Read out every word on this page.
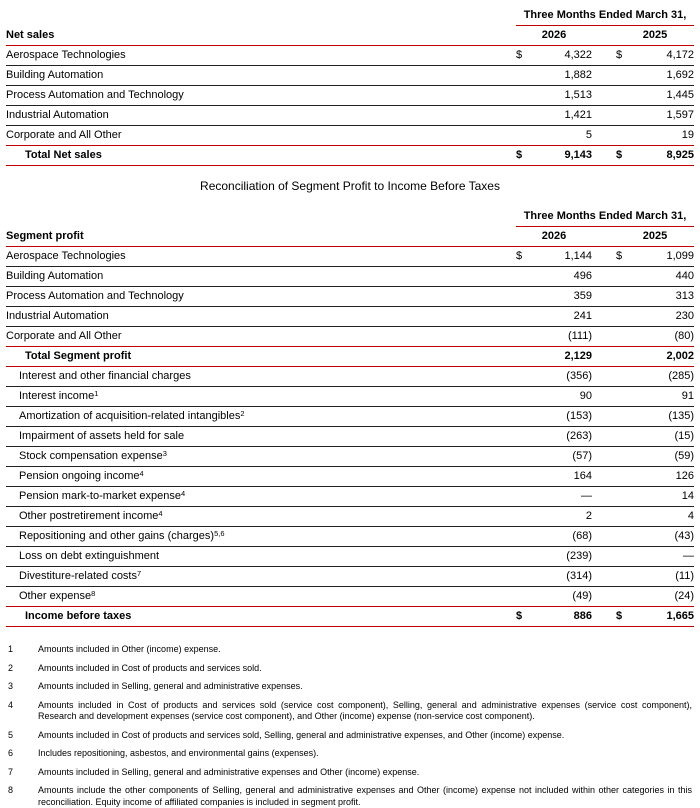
	Three Months Ended March 31,				
Net sales	2026			2025	
Aerospace Technologies	$	4,322		$	4,172
Building Automation		1,882			1,692
Process Automation and Technology		1,513			1,445
Industrial Automation		1,421			1,597
Corporate and All Other		5			19
Total Net sales	$	9,143		$	8,925
Reconciliation of Segment Profit to Income Before Taxes
	Three Months Ended March 31,				
Segment profit	2026			2025	
Aerospace Technologies	$	1,144		$	1,099
Building Automation		496			440
Process Automation and Technology		359			313
Industrial Automation		241			230
Corporate and All Other		(111)			(80)
Total Segment profit		2,129			2,002
Interest and other financial charges		(356)			(285)
Interest income$^1$		90			91
Amortization of acquisition-related intangibles$^2$		(153)			(135)
Impairment of assets held for sale		(263)			(15)
Stock compensation expense$^3$		(57)			(59)
Pension ongoing income$^4$		164			126
Pension mark-to-market expense$^4$		—			14
Other postretirement income$^4$		2			4
Repositioning and other gains (charges)$^{5,6}$		(68)			(43)
Loss on debt extinguishment		(239)			—
Divestiture-related costs$^7$		(314)			(11)
Other expense$^8$		(49)			(24)
Income before taxes	$	886		$	1,665
1	Amounts included in Other (income) expense.
2	Amounts included in Cost of products and services sold.
3	Amounts included in Selling, general and administrative expenses.
4	Amounts included in Cost of products and services sold (service cost component), Selling, general and administrative expenses (service cost component), Research and development expenses (service cost component), and Other (income) expense (non-service cost component).
5	Amounts included in Cost of products and services sold, Selling, general and administrative expenses, and Other (income) expense.
6	Includes repositioning, asbestos, and environmental gains (expenses).
7	Amounts included in Selling, general and administrative expenses and Other (income) expense.
8	Amounts include the other components of Selling, general and administrative expenses and Other (income) expense not included within other categories in this reconciliation. Equity income of affiliated companies is included in segment profit.
